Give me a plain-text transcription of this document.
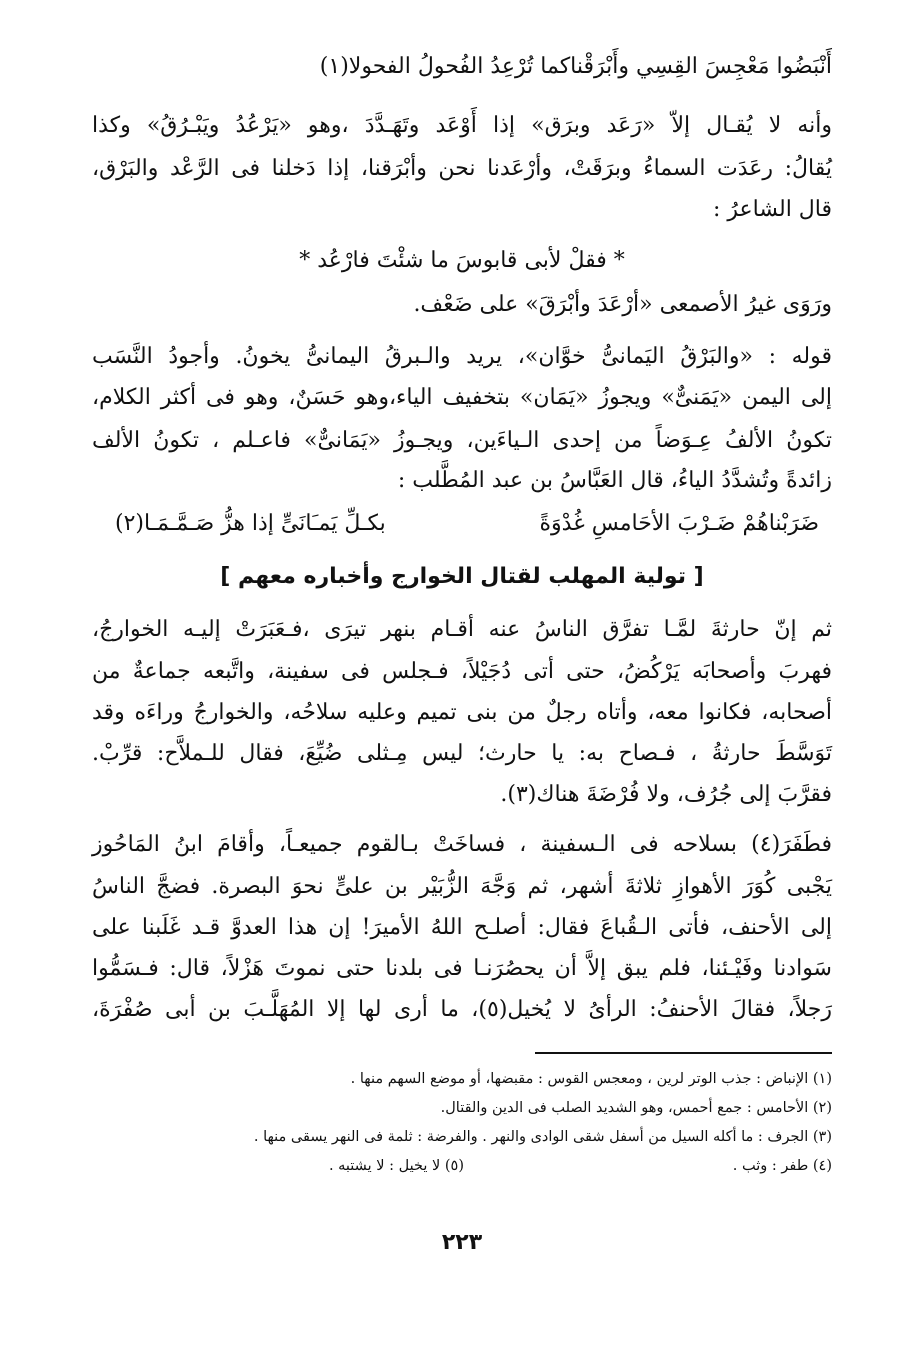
أَنْبَضُوا مَعْجِسَ القِسِي وأَبْرَقْناكما تُرْعِدُ الفُحولُ الفحولا(١)
وأنه لا يُقـال إلاّ «رَعَد وبرَق» إذا أَوْعَد وتَهَـدَّدَ ،وهو «يَرْعُدُ ويَبْـرُقُ» وكذا
يُقالُ: رعَدَت السماءُ وبرَقَتْ، وأرْعَدنا نحن وأبْرَقنا، إذا دَخلنا فى الرَّعْد والبَرْق،
قال الشاعرُ :
* فقلْ لأبى قابوسَ ما شئْتَ فارْعُد *
ورَوَى غيرُ الأصمعى «أرْعَدَ وأبْرَقَ» على ضَعْف.
قوله : «والبَرْقُ اليَمانىُّ خوَّان»، يريد والـبرقُ اليمانىُّ يخونُ. وأجودُ النَّسَب
إلى اليمن «يَمَنىٌّ» ويجوزُ «يَمَان» بتخفيف الياء،وهو حَسَنٌ، وهو فى أكثر الكلام،
تكونُ الألفُ عِـوَضاً من إحدى الـياءَين، ويجـوزُ «يَمَانىٌّ» فاعـلم ، تكونُ الألف
زائدةً وتُشدَّدُ الياءُ، قال العَبَّاسُ بن عبد المُطَّلب :
ضَرَبْناهُمْ ضَـرْبَ الأحَامسِ غُدْوَةً
بكـلِّ يَمـَانَىٍّ إذا هزُّ صَـمَّـمَـا(٢)
[ تولية المهلب لقتال الخوارج وأخباره معهم ]
ثم إنّ حارثةَ لمَّـا تفرَّق الناسُ عنه أقـام بنهر تيرَى ،فـعَبَرَتْ إليـه الخوارجُ،
فهربَ وأصحابَه يَرْكُضُ، حتى أتى دُجَيْلاً، فـجلس فى سفينة، واتَّبعه جماعةٌ من
أصحابه، فكانوا معه، وأتاه رجلٌ من بنى تميم وعليه سلاحُه، والخوارجُ وراءَه وقد
تَوَسَّطَ حارثةُ ، فـصاح به: يا حارث؛ ليس مِـثلى ضُيِّعَ، فقال للـملاَّح: قرِّبْ.
فقرَّبَ إلى جُرُف، ولا فُرْضَةَ هناك(٣).
فطَفَرَ(٤) بسلاحه فى الـسفينة ، فساخَتْ بـالقوم جميعـاً، وأقامَ ابنُ المَاحُوز
يَجْبى كُوَرَ الأهوازِ ثلاثةَ أشهر، ثم وَجَّهَ الزُّبَيْر بن علىٍّ نحوَ البصرة. فضجَّ الناسُ
إلى الأحنف، فأتى الـقُباعَ فقال: أصلـح اللهُ الأميرَ! إن هذا العدوَّ قـد غَلَبنا على
سَوادنا وفَيْـئنا، فلم يبق إلاَّ أن يحصُرَنـا فى بلدنا حتى نموتَ هَزْلاً، قال: فـسَمُّوا
رَجلاً، فقالَ الأحنفُ: الرأىُ لا يُخيل(٥)، ما أرى لها إلا المُهَلَّـبَ بن أبى صُفْرَةَ،
(١) الإنباض : جذب الوتر لرين ، ومعجس القوس : مقبضها، أو موضع السهم منها .
(٢) الأحامس : جمع أحمس، وهو الشديد الصلب فى الدين والقتال.
(٣) الجرف : ما أكله السيل من أسفل شقى الوادى والنهر . والفرضة : ثلمة فى النهر يسقى منها .
(٤) طفر : وثب .
(٥) لا يخيل : لا يشتبه .
٢٢٣
